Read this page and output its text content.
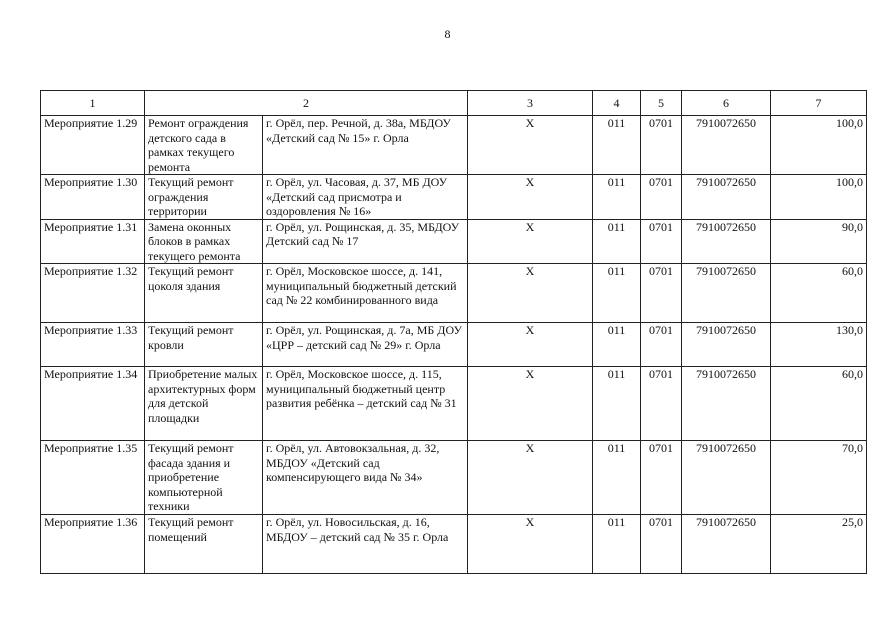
8
1	2		3	4	5	6	7
Мероприятие 1.29	Ремонт ограждения детского сада в рамках текущего ремонта	г. Орёл, пер. Речной, д. 38а, МБДОУ «Детский сад № 15» г. Орла	Х	011	0701	7910072650	100,0
Мероприятие 1.30	Текущий ремонт ограждения территории	г. Орёл, ул. Часовая, д. 37, МБ ДОУ «Детский сад присмотра и оздоровления № 16»	Х	011	0701	7910072650	100,0
Мероприятие 1.31	Замена оконных блоков в рамках текущего ремонта	г. Орёл, ул. Рощинская, д. 35, МБДОУ Детский сад № 17	Х	011	0701	7910072650	90,0
Мероприятие 1.32	Текущий ремонт цоколя здания	г. Орёл, Московское шоссе, д. 141, муниципальный бюджетный детский сад № 22 комбинированного вида	Х	011	0701	7910072650	60,0
Мероприятие 1.33	Текущий ремонт кровли	г. Орёл, ул. Рощинская, д. 7а, МБ ДОУ «ЦРР – детский сад № 29» г. Орла	Х	011	0701	7910072650	130,0
Мероприятие 1.34	Приобретение малых архитектурных форм для детской площадки	г. Орёл, Московское шоссе, д. 115, муниципальный бюджетный центр развития ребёнка – детский сад № 31	Х	011	0701	7910072650	60,0
Мероприятие 1.35	Текущий ремонт фасада здания и приобретение компьютерной техники	г. Орёл, ул. Автовокзальная, д. 32, МБДОУ «Детский сад компенсирующего вида № 34»	Х	011	0701	7910072650	70,0
Мероприятие 1.36	Текущий ремонт помещений	г. Орёл, ул. Новосильская, д. 16, МБДОУ – детский сад № 35 г. Орла	Х	011	0701	7910072650	25,0
